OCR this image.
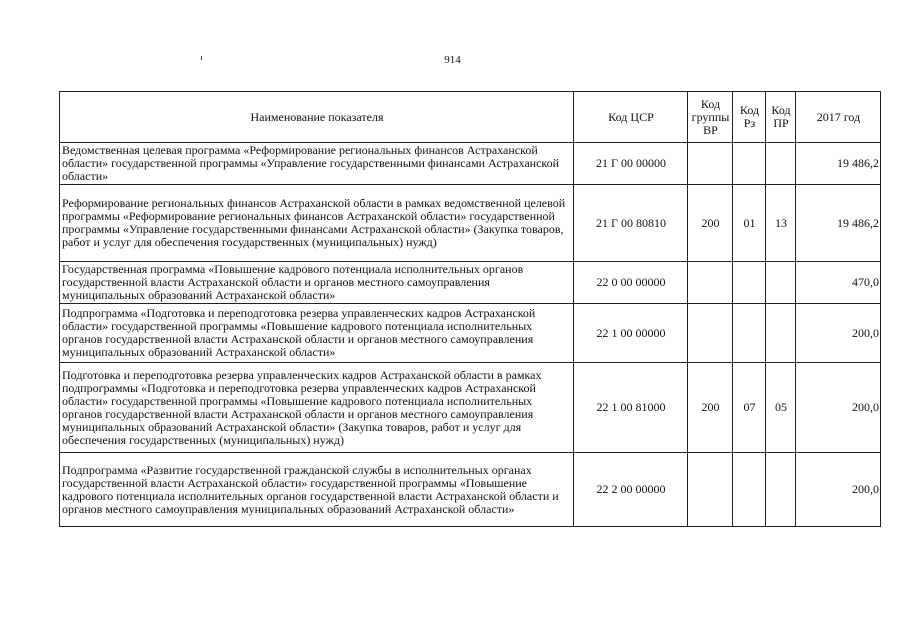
914
Наименование показателя	Код ЦСР	Код группы ВР	Код Рз	Код ПР	2017 год
Ведомственная целевая программа «Реформирование региональных финансов Астраханской области» государственной программы «Управление государственными финансами Астраханской области»	21 Г 00 00000				19 486,2
Реформирование региональных финансов Астраханской области в рамках ведомственной целевой программы «Реформирование региональных финансов Астраханской области» государственной программы «Управление государственными финансами Астраханской области» (Закупка товаров, работ и услуг для обеспечения государственных (муниципальных) нужд)	21 Г 00 80810	200	01	13	19 486,2
Государственная программа «Повышение кадрового потенциала исполнительных органов государственной власти Астраханской области и органов местного самоуправления муниципальных образований Астраханской области»	22 0 00 00000				470,0
Подпрограмма «Подготовка и переподготовка резерва управленческих кадров Астраханской области» государственной программы «Повышение кадрового потенциала исполнительных органов государственной власти Астраханской области и органов местного самоуправления муниципальных образований Астраханской области»	22 1 00 00000				200,0
Подготовка и переподготовка резерва управленческих кадров Астраханской области в рамках подпрограммы «Подготовка и переподготовка резерва управленческих кадров Астраханской области» государственной программы «Повышение кадрового потенциала исполнительных органов государственной власти Астраханской области и органов местного самоуправления муниципальных образований Астраханской области» (Закупка товаров, работ и услуг для обеспечения государственных (муниципальных) нужд)	22 1 00 81000	200	07	05	200,0
Подпрограмма «Развитие государственной гражданской службы в исполнительных органах государственной власти Астраханской области» государственной программы «Повышение кадрового потенциала исполнительных органов государственной власти Астраханской области и органов местного самоуправления муниципальных образований Астраханской области»	22 2 00 00000				200,0
